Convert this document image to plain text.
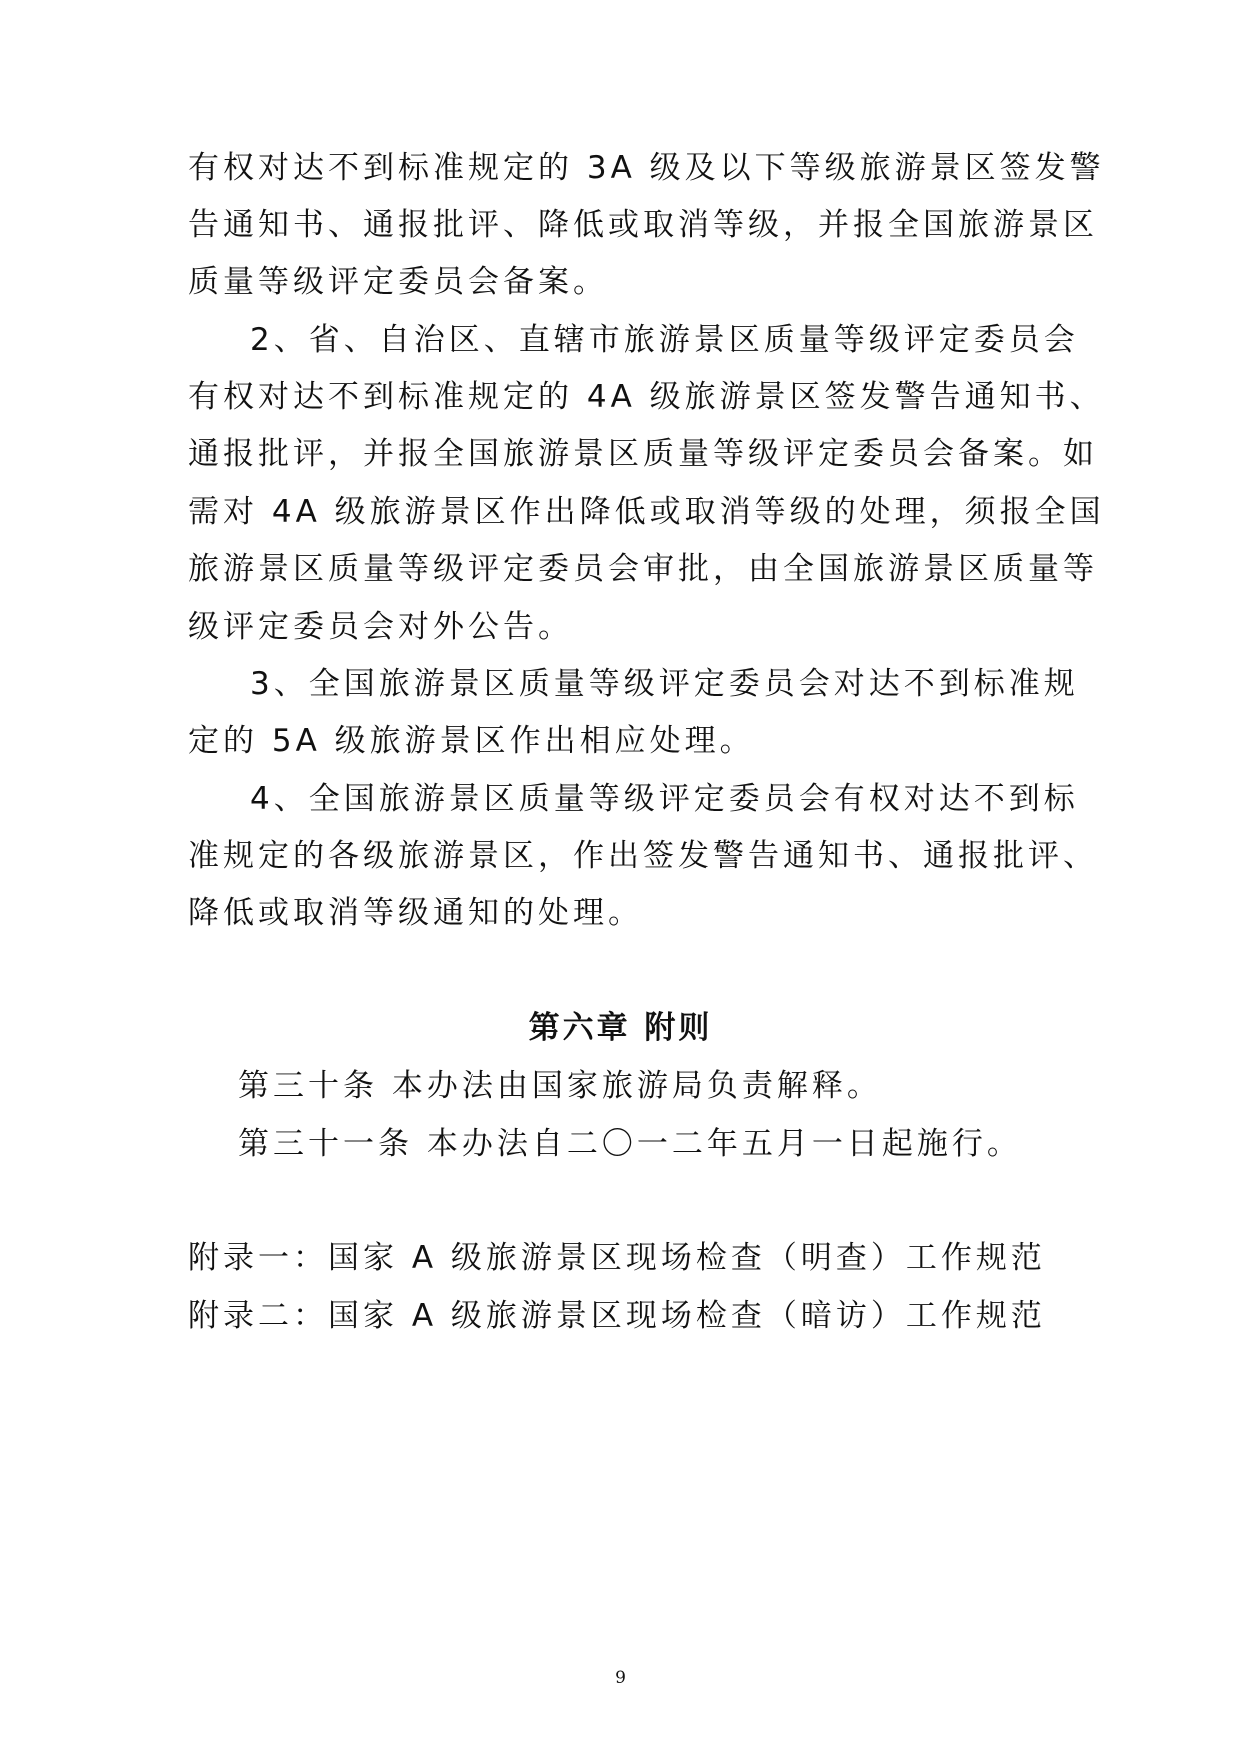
有权对达不到标准规定的 3A 级及以下等级旅游景区签发警
告通知书、通报批评、降低或取消等级，并报全国旅游景区
质量等级评定委员会备案。
2、省、自治区、直辖市旅游景区质量等级评定委员会
有权对达不到标准规定的 4A 级旅游景区签发警告通知书、
通报批评，并报全国旅游景区质量等级评定委员会备案。如
需对 4A 级旅游景区作出降低或取消等级的处理，须报全国
旅游景区质量等级评定委员会审批，由全国旅游景区质量等
级评定委员会对外公告。
3、全国旅游景区质量等级评定委员会对达不到标准规
定的 5A 级旅游景区作出相应处理。
4、全国旅游景区质量等级评定委员会有权对达不到标
准规定的各级旅游景区，作出签发警告通知书、通报批评、
降低或取消等级通知的处理。
第六章 附则
第三十条 本办法由国家旅游局负责解释。
第三十一条 本办法自二〇一二年五月一日起施行。
附录一：国家 A 级旅游景区现场检查（明查）工作规范
附录二：国家 A 级旅游景区现场检查（暗访）工作规范
9
